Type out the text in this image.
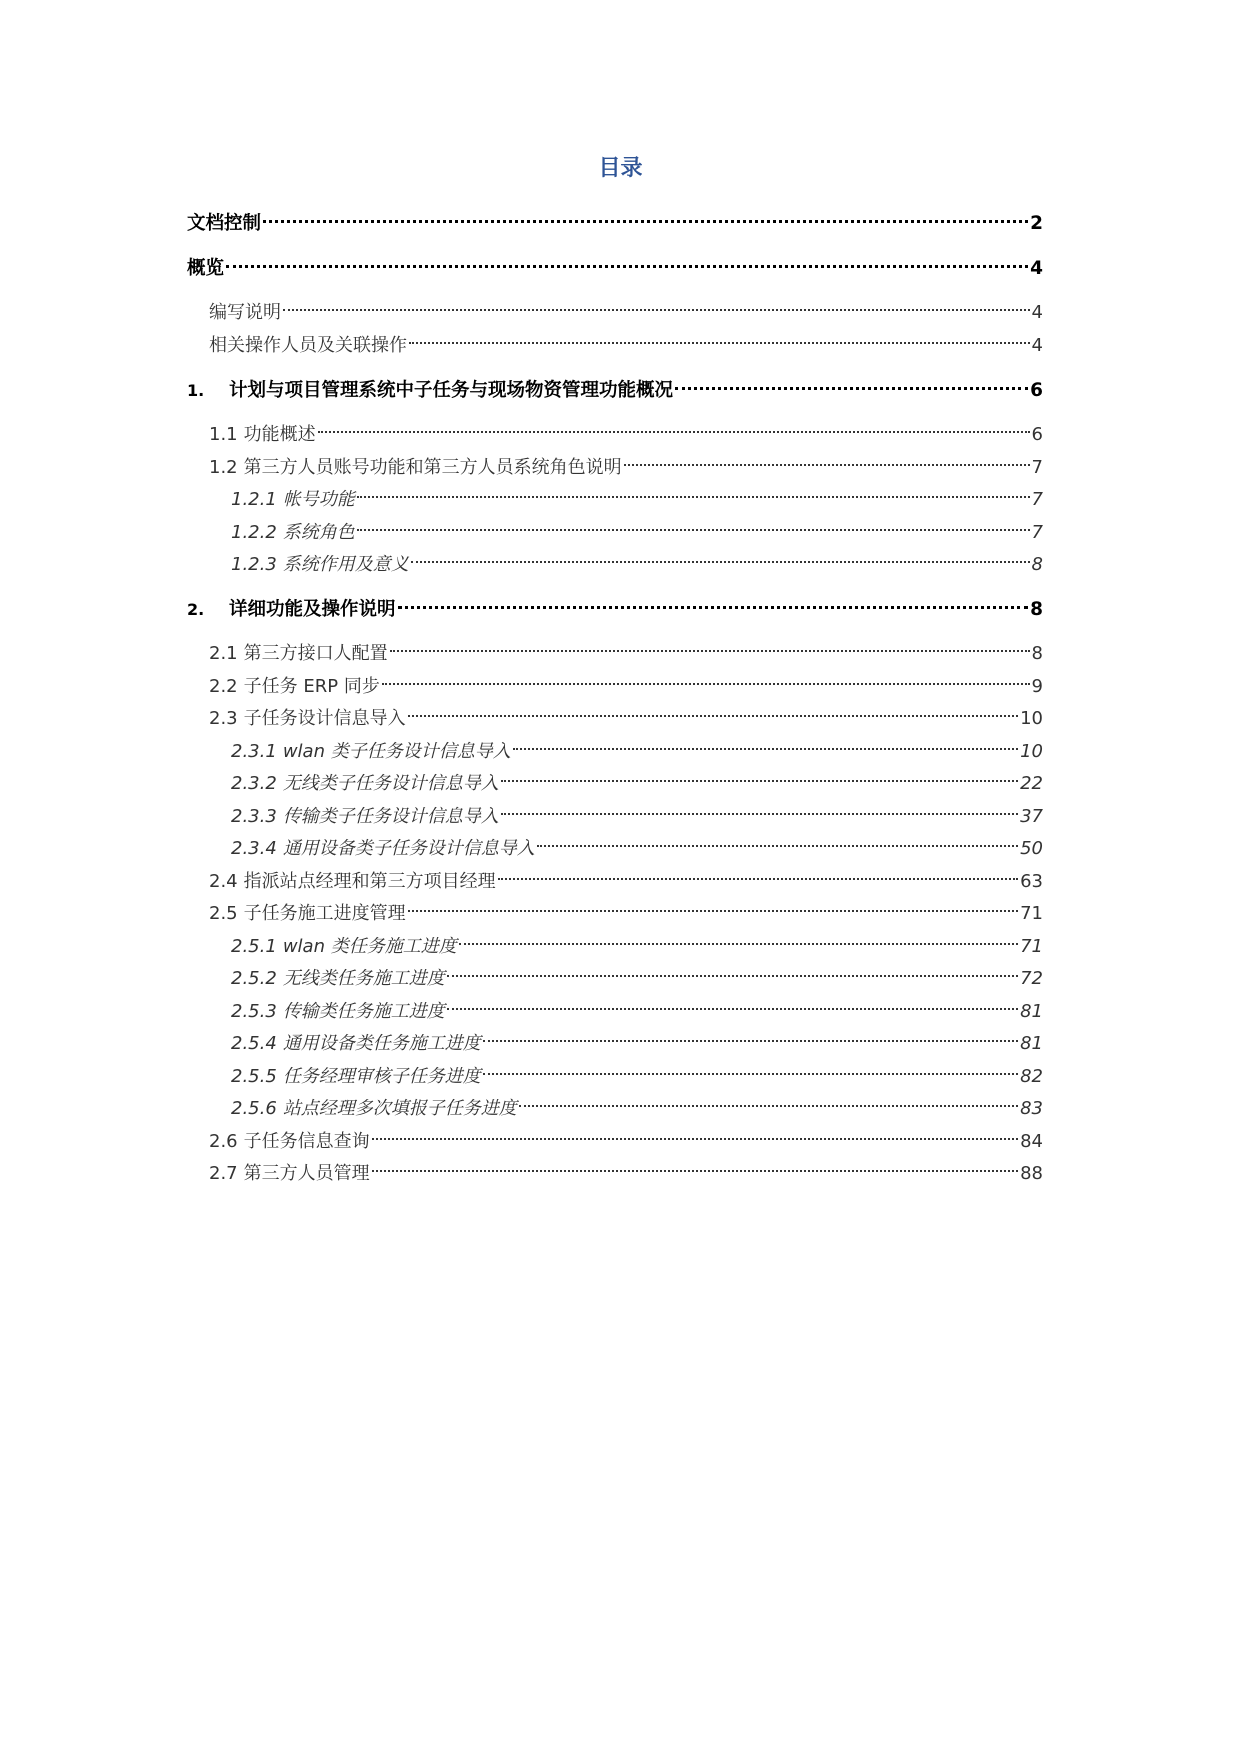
目录
文档控制	2
概览	4
编写说明	4
相关操作人员及关联操作	4
1.	计划与项目管理系统中子任务与现场物资管理功能概况	6
1.1 功能概述	6
1.2 第三方人员账号功能和第三方人员系统角色说明	7
1.2.1 帐号功能	7
1.2.2 系统角色	7
1.2.3 系统作用及意义	8
2.	详细功能及操作说明	8
2.1 第三方接口人配置	8
2.2 子任务 ERP 同步	9
2.3 子任务设计信息导入	10
2.3.1 wlan 类子任务设计信息导入	10
2.3.2 无线类子任务设计信息导入	22
2.3.3 传输类子任务设计信息导入	37
2.3.4 通用设备类子任务设计信息导入	50
2.4 指派站点经理和第三方项目经理	63
2.5 子任务施工进度管理	71
2.5.1 wlan 类任务施工进度	71
2.5.2 无线类任务施工进度	72
2.5.3 传输类任务施工进度	81
2.5.4 通用设备类任务施工进度	81
2.5.5 任务经理审核子任务进度	82
2.5.6 站点经理多次填报子任务进度	83
2.6 子任务信息查询	84
2.7 第三方人员管理	88
